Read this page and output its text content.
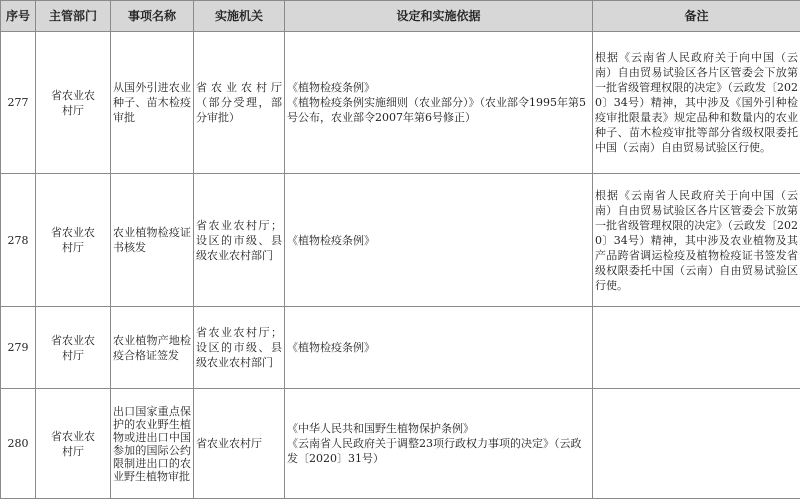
序号	主管部门	事项名称	实施机关	设定和实施依据	备注
277	省农业农村厅	从国外引进农业种子、苗木检疫审批	省农业农村厅（部分受理，部分审批）	《植物检疫条例》
《植物检疫条例实施细则（农业部分）》（农业部令1995年第5号公布，农业部令2007年第6号修正）	根据《云南省人民政府关于向中国（云南）自由贸易试验区各片区管委会下放第一批省级管理权限的决定》（云政发〔2020〕34号）精神，其中涉及《国外引种检疫审批限量表》规定品种和数量内的农业种子、苗木检疫审批等部分省级权限委托中国（云南）自由贸易试验区行使。
278	省农业农村厅	农业植物检疫证书核发	省农业农村厅；设区的市级、县级农业农村部门	《植物检疫条例》	根据《云南省人民政府关于向中国（云南）自由贸易试验区各片区管委会下放第一批省级管理权限的决定》（云政发〔2020〕34号）精神，其中涉及农业植物及其产品跨省调运检疫及植物检疫证书签发省级权限委托中国（云南）自由贸易试验区行使。
279	省农业农村厅	农业植物产地检疫合格证签发	省农业农村厅；设区的市级、县级农业农村部门	《植物检疫条例》	

280	省农业农村厅	出口国家重点保护的农业野生植物或进出口中国参加的国际公约限制进出口的农业野生植物审批	省农业农村厅	《中华人民共和国野生植物保护条例》
《云南省人民政府关于调整23项行政权力事项的决定》（云政发〔2020〕31号）	
